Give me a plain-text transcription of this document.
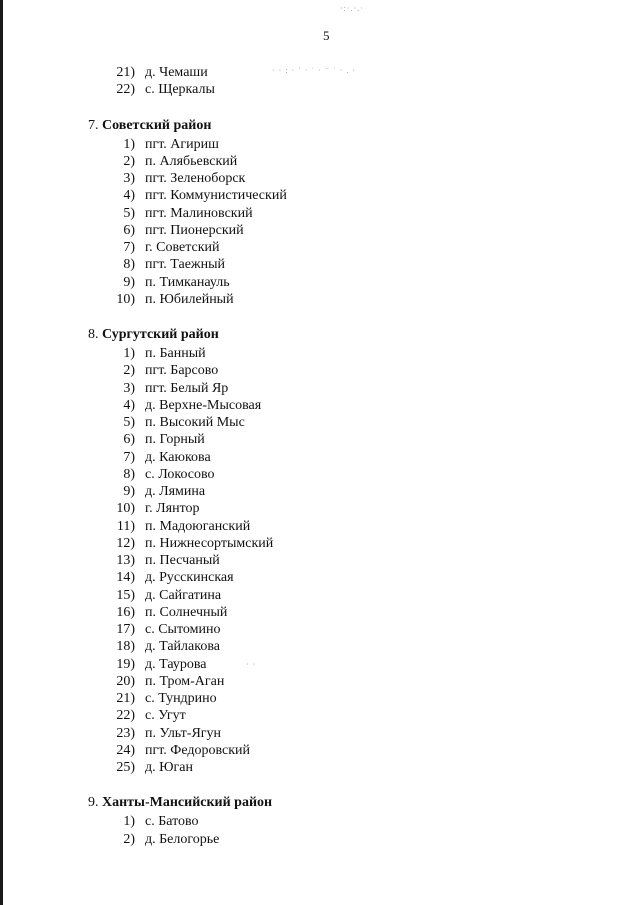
·:·.·.·
· · : · ˙ · ˙ · ⁻ ˙ · . ·
· ·
5
21) д. Чемаши
22) с. Щеркалы
7. Советский район
1) пгт. Агириш
2) п. Алябьевский
3) пгт. Зеленоборск
4) пгт. Коммунистический
5) пгт. Малиновский
6) пгт. Пионерский
7) г. Советский
8) пгт. Таежный
9) п. Тимканауль
10) п. Юбилейный
8. Сургутский район
1) п. Банный
2) пгт. Барсово
3) пгт. Белый Яр
4) д. Верхне-Мысовая
5) п. Высокий Мыс
6) п. Горный
7) д. Каюкова
8) с. Локосово
9) д. Лямина
10) г. Лянтор
11) п. Мадоюганский
12) п. Нижнесортымский
13) п. Песчаный
14) д. Русскинская
15) д. Сайгатина
16) п. Солнечный
17) с. Сытомино
18) д. Тайлакова
19) д. Таурова
20) п. Тром-Аган
21) с. Тундрино
22) с. Угут
23) п. Ульт-Ягун
24) пгт. Федоровский
25) д. Юган
9. Ханты-Мансийский район
1) с. Батово
2) д. Белогорье
